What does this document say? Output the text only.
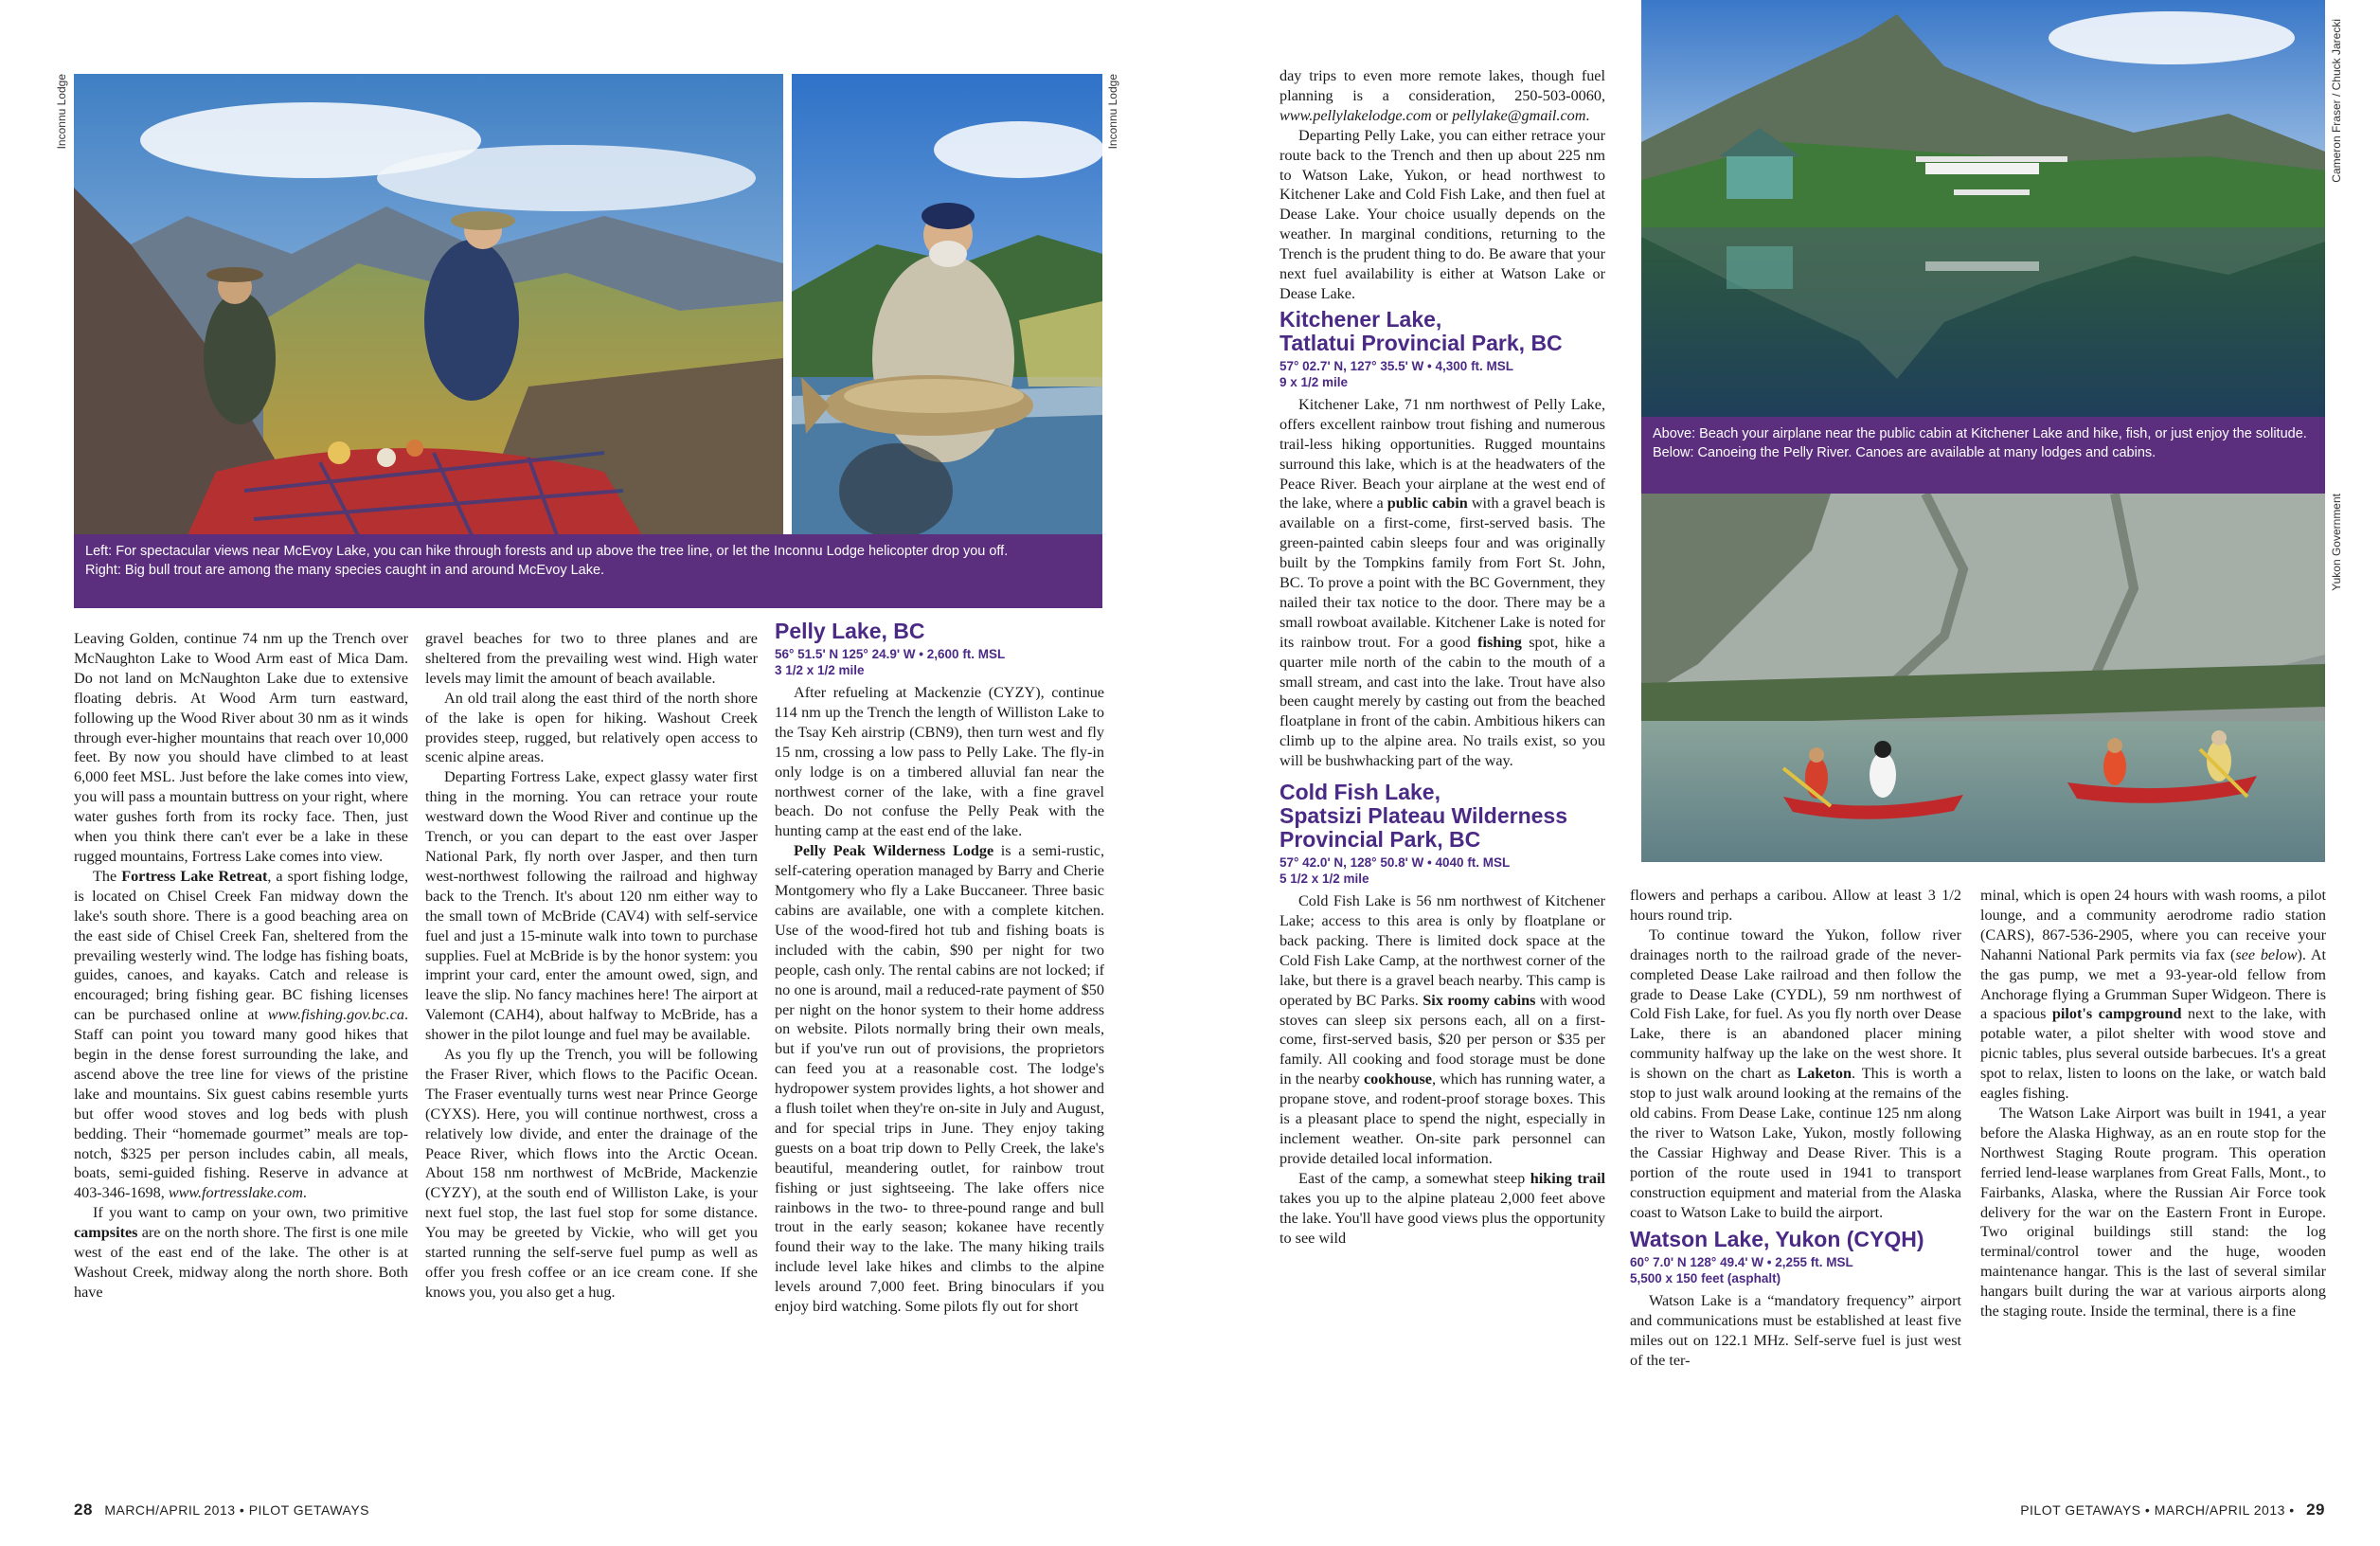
Inconnu Lodge	Inconnu Lodge	Cameron Fraser / Chuck Jarecki
Yukon Government

Left: For spectacular views near McEvoy Lake, you can hike through forests and up above the tree line, or let the Inconnu Lodge helicopter drop you off.

Right: Big bull trout are among the many species caught in and around McEvoy Lake.

Above: Beach your airplane near the public cabin at Kitchener Lake and hike, fish, or just enjoy the solitude.

Below: Canoeing the Pelly River. Canoes are available at many lodges and cabins.

Leaving Golden, continue 74 nm up the Trench over McNaughton Lake to Wood Arm east of Mica Dam. Do not land on McNaughton Lake due to extensive floating debris. At Wood Arm turn eastward, following up the Wood River about 30 nm as it winds through ever-higher mountains that reach over 10,000 feet. By now you should have climbed to at least 6,000 feet MSL. Just before the lake comes into view, you will pass a mountain buttress on your right, where water gushes forth from its rocky face. Then, just when you think there can't ever be a lake in these rugged mountains, Fortress Lake comes into view.

The Fortress Lake Retreat, a sport fishing lodge, is located on Chisel Creek Fan midway down the lake's south shore. There is a good beaching area on the east side of Chisel Creek Fan, sheltered from the prevailing westerly wind. The lodge has fishing boats, guides, canoes, and kayaks. Catch and release is encouraged; bring fishing gear. BC fishing licenses can be purchased online at www.fishing.gov.bc.ca. Staff can point you toward many good hikes that begin in the dense forest surrounding the lake, and ascend above the tree line for views of the pristine lake and mountains. Six guest cabins resemble yurts but offer wood stoves and log beds with plush bedding. Their “homemade gourmet” meals are top-notch, $325 per person includes cabin, all meals, boats, semi-guided fishing. Reserve in advance at 403-346-1698, www.fortresslake.com.

If you want to camp on your own, two primitive campsites are on the north shore. The first is one mile west of the east end of the lake. The other is at Washout Creek, midway along the north shore. Both have

gravel beaches for two to three planes and are sheltered from the prevailing west wind. High water levels may limit the amount of beach available.

An old trail along the east third of the north shore of the lake is open for hiking. Washout Creek provides steep, rugged, but relatively open access to scenic alpine areas.

Departing Fortress Lake, expect glassy water first thing in the morning. You can retrace your route westward down the Wood River and continue up the Trench, or you can depart to the east over Jasper National Park, fly north over Jasper, and then turn west-northwest following the railroad and highway back to the Trench. It's about 120 nm either way to the small town of McBride (CAV4) with self-service fuel and just a 15-minute walk into town to purchase supplies. Fuel at McBride is by the honor system: you imprint your card, enter the amount owed, sign, and leave the slip. No fancy machines here! The airport at Valemont (CAH4), about halfway to McBride, has a shower in the pilot lounge and fuel may be available.

As you fly up the Trench, you will be following the Fraser River, which flows to the Pacific Ocean. The Fraser eventually turns west near Prince George (CYXS). Here, you will continue northwest, cross a relatively low divide, and enter the drainage of the Peace River, which flows into the Arctic Ocean. About 158 nm northwest of McBride, Mackenzie (CYZY), at the south end of Williston Lake, is your next fuel stop, the last fuel stop for some distance. You may be greeted by Vickie, who will get you started running the self-serve fuel pump as well as offer you fresh coffee or an ice cream cone. If she knows you, you also get a hug.

Pelly Lake, BC
56° 51.5' N 125° 24.9' W • 2,600 ft. MSL
3 1/2 x 1/2 mile

After refueling at Mackenzie (CYZY), continue 114 nm up the Trench the length of Williston Lake to the Tsay Keh airstrip (CBN9), then turn west and fly 15 nm, crossing a low pass to Pelly Lake. The fly-in only lodge is on a timbered alluvial fan near the northwest corner of the lake, with a fine gravel beach. Do not confuse the Pelly Peak with the hunting camp at the east end of the lake.

Pelly Peak Wilderness Lodge is a semi-rustic, self-catering operation managed by Barry and Cherie Montgomery who fly a Lake Buccaneer. Three basic cabins are available, one with a complete kitchen. Use of the wood-fired hot tub and fishing boats is included with the cabin, $90 per night for two people, cash only. The rental cabins are not locked; if no one is around, mail a reduced-rate payment of $50 per night on the honor system to their home address on website. Pilots normally bring their own meals, but if you've run out of provisions, the proprietors can feed you at a reasonable cost. The lodge's hydropower system provides lights, a hot shower and a flush toilet when they're on-site in July and August, and for special trips in June. They enjoy taking guests on a boat trip down to Pelly Creek, the lake's beautiful, meandering outlet, for rainbow trout fishing or just sightseeing. The lake offers nice rainbows in the two- to three-pound range and bull trout in the early season; kokanee have recently found their way to the lake. The many hiking trails include level lake hikes and climbs to the alpine levels around 7,000 feet. Bring binoculars if you enjoy bird watching. Some pilots fly out for short

day trips to even more remote lakes, though fuel planning is a consideration, 250-503-0060, www.pellylakelodge.com or pellylake@gmail.com.

Departing Pelly Lake, you can either retrace your route back to the Trench and then up about 225 nm to Watson Lake, Yukon, or head northwest to Kitchener Lake and Cold Fish Lake, and then fuel at Dease Lake. Your choice usually depends on the weather. In marginal conditions, returning to the Trench is the prudent thing to do. Be aware that your next fuel availability is either at Watson Lake or Dease Lake.

Kitchener Lake,
Tatlatui Provincial Park, BC
57° 02.7' N, 127° 35.5' W • 4,300 ft. MSL
9 x 1/2 mile

Kitchener Lake, 71 nm northwest of Pelly Lake, offers excellent rainbow trout fishing and numerous trail-less hiking opportunities. Rugged mountains surround this lake, which is at the headwaters of the Peace River. Beach your airplane at the west end of the lake, where a public cabin with a gravel beach is available on a first-come, first-served basis. The green-painted cabin sleeps four and was originally built by the Tompkins family from Fort St. John, BC. To prove a point with the BC Government, they nailed their tax notice to the door. There may be a small rowboat available. Kitchener Lake is noted for its rainbow trout. For a good fishing spot, hike a quarter mile north of the cabin to the mouth of a small stream, and cast into the lake. Trout have also been caught merely by casting out from the beached floatplane in front of the cabin. Ambitious hikers can climb up to the alpine area. No trails exist, so you will be bushwhacking part of the way.

Cold Fish Lake,
Spatsizi Plateau Wilderness
Provincial Park, BC
57° 42.0' N, 128° 50.8' W • 4040 ft. MSL
5 1/2 x 1/2 mile

Cold Fish Lake is 56 nm northwest of Kitchener Lake; access to this area is only by floatplane or back packing. There is limited dock space at the Cold Fish Lake Camp, at the northwest corner of the lake, but there is a gravel beach nearby. This camp is operated by BC Parks. Six roomy cabins with wood stoves can sleep six persons each, all on a first-come, first-served basis, $20 per person or $35 per family. All cooking and food storage must be done in the nearby cookhouse, which has running water, a propane stove, and rodent-proof storage boxes. This is a pleasant place to spend the night, especially in inclement weather. On-site park personnel can provide detailed local information.

East of the camp, a somewhat steep hiking trail takes you up to the alpine plateau 2,000 feet above the lake. You'll have good views plus the opportunity to see wild

flowers and perhaps a caribou. Allow at least 3 1/2 hours round trip.

To continue toward the Yukon, follow river drainages north to the railroad grade of the never-completed Dease Lake railroad and then follow the grade to Dease Lake (CYDL), 59 nm northwest of Cold Fish Lake, for fuel. As you fly north over Dease Lake, there is an abandoned placer mining community halfway up the lake on the west shore. It is shown on the chart as Laketon. This is worth a stop to just walk around looking at the remains of the old cabins. From Dease Lake, continue 125 nm along the river to Watson Lake, Yukon, mostly following the Cassiar Highway and Dease River. This is a portion of the route used in 1941 to transport construction equipment and material from the Alaska coast to Watson Lake to build the airport.

Watson Lake, Yukon (CYQH)
60° 7.0' N 128° 49.4' W • 2,255 ft. MSL
5,500 x 150 feet (asphalt)

Watson Lake is a “mandatory frequency” airport and communications must be established at least five miles out on 122.1 MHz. Self-serve fuel is just west of the ter-

minal, which is open 24 hours with wash rooms, a pilot lounge, and a community aerodrome radio station (CARS), 867-536-2905, where you can receive your Nahanni National Park permits via fax (see below). At the gas pump, we met a 93-year-old fellow from Anchorage flying a Grumman Super Widgeon. There is a spacious pilot's campground next to the lake, with potable water, a pilot shelter with wood stove and picnic tables, plus several outside barbecues. It's a great spot to relax, listen to loons on the lake, or watch bald eagles fishing.

The Watson Lake Airport was built in 1941, a year before the Alaska Highway, as an en route stop for the Northwest Staging Route program. This operation ferried lend-lease warplanes from Great Falls, Mont., to Fairbanks, Alaska, where the Russian Air Force took delivery for the war on the Eastern Front in Europe. Two original buildings still stand: the log terminal/control tower and the huge, wooden maintenance hangar. This is the last of several similar hangars built during the war at various airports along the staging route. Inside the terminal, there is a fine

28 MARCH/APRIL 2013 • PILOT GETAWAYS	PILOT GETAWAYS • MARCH/APRIL 2013 • 29
